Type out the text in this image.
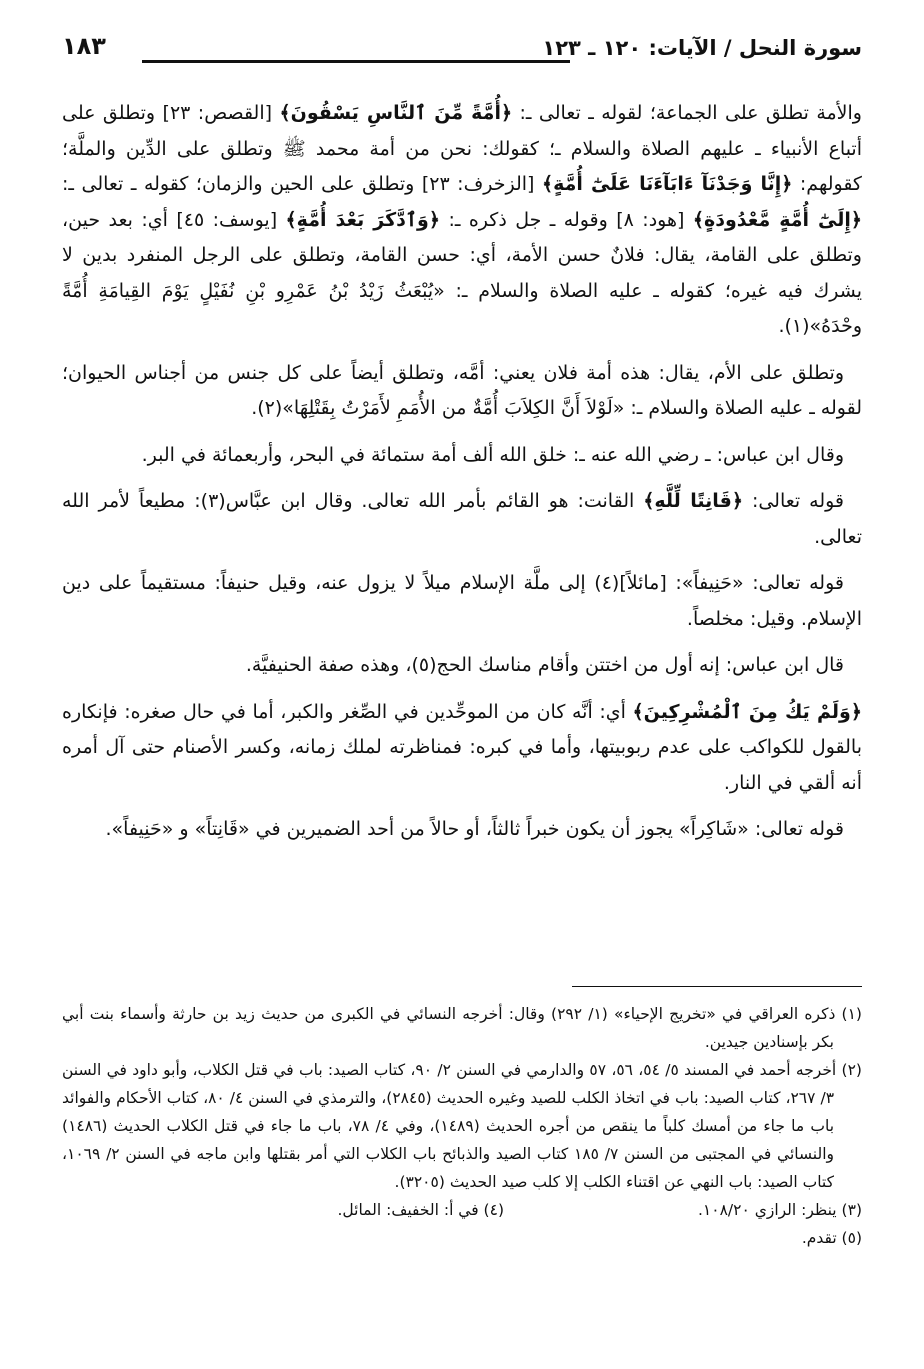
سورة النحل / الآيات: ١٢٠ ـ ١٢٣
١٨٣

والأمة تطلق على الجماعة؛ لقوله ـ تعالى ـ: ﴿أُمَّةً مِّنَ ٱلنَّاسِ يَسْقُونَ﴾ [القصص: ٢٣] وتطلق على أتباع الأنبياء ـ عليهم الصلاة والسلام ـ؛ كقولك: نحن من أمة محمد ﷺ وتطلق على الدِّين والملَّة؛ كقولهم: ﴿إِنَّا وَجَدْنَآ ءَابَآءَنَا عَلَىٰٓ أُمَّةٍ﴾ [الزخرف: ٢٣] وتطلق على الحين والزمان؛ كقوله ـ تعالى ـ: ﴿إِلَىٰٓ أُمَّةٍ مَّعْدُودَةٍ﴾ [هود: ٨] وقوله ـ جل ذكره ـ: ﴿وَٱدَّكَرَ بَعْدَ أُمَّةٍ﴾ [يوسف: ٤٥] أي: بعد حين، وتطلق على القامة، يقال: فلانٌ حسن الأمة، أي: حسن القامة، وتطلق على الرجل المنفرد بدين لا يشرك فيه غيره؛ كقوله ـ عليه الصلاة والسلام ـ: «يُبْعَثُ زَيْدُ بْنُ عَمْرِو بْنِ نُفَيْلٍ يَوْمَ القِيامَةِ أُمَّةً وحْدَهُ»(١).

وتطلق على الأم، يقال: هذه أمة فلان يعني: أمَّه، وتطلق أيضاً على كل جنس من أجناس الحيوان؛ لقوله ـ عليه الصلاة والسلام ـ: «لَوْلاَ أَنَّ الكِلاَبَ أُمَّةٌ من الأُمَمِ لأَمَرْتُ بِقَتْلِهَا»(٢).

وقال ابن عباس: ـ رضي الله عنه ـ: خلق الله ألف أمة ستمائة في البحر، وأربعمائة في البر.

قوله تعالى: ﴿قَانِتًا لِّلَّهِ﴾ القانت: هو القائم بأمر الله تعالى. وقال ابن عبَّاس(٣): مطيعاً لأمر الله تعالى.

قوله تعالى: «حَنِيفاً»: [مائلاً](٤) إلى ملَّة الإسلام ميلاً لا يزول عنه، وقيل حنيفاً: مستقيماً على دين الإسلام. وقيل: مخلصاً.

قال ابن عباس: إنه أول من اختتن وأقام مناسك الحج(٥)، وهذه صفة الحنيفيَّة.

﴿وَلَمْ يَكُ مِنَ ٱلْمُشْرِكِينَ﴾ أي: أنَّه كان من الموحِّدين في الصِّغر والكبر، أما في حال صغره: فإنكاره بالقول للكواكب على عدم ربوبيتها، وأما في كبره: فمناظرته لملك زمانه، وكسر الأصنام حتى آل أمره أنه ألقي في النار.

قوله تعالى: «شَاكِراً» يجوز أن يكون خبراً ثالثاً، أو حالاً من أحد الضميرين في «قَانِتاً» و «حَنِيفاً».

(١) ذكره العراقي في «تخريج الإحياء» (١/ ٢٩٢) وقال: أخرجه النسائي في الكبرى من حديث زيد بن حارثة وأسماء بنت أبي بكر بإسنادين جيدين.

(٢) أخرجه أحمد في المسند ٥/ ٥٤، ٥٦، ٥٧ والدارمي في السنن ٢/ ٩٠، كتاب الصيد: باب في قتل الكلاب، وأبو داود في السنن ٣/ ٢٦٧، كتاب الصيد: باب في اتخاذ الكلب للصيد وغيره الحديث (٢٨٤٥)، والترمذي في السنن ٤/ ٨٠، كتاب الأحكام والفوائد باب ما جاء من أمسك كلباً ما ينقص من أجره الحديث (١٤٨٩)، وفي ٤/ ٧٨، باب ما جاء في قتل الكلاب الحديث (١٤٨٦) والنسائي في المجتبى من السنن ٧/ ١٨٥ كتاب الصيد والذبائح باب الكلاب التي أمر بقتلها وابن ماجه في السنن ٢/ ١٠٦٩، كتاب الصيد: باب النهي عن اقتناء الكلب إلا كلب صيد الحديث (٣٢٠٥).

(٣) ينظر: الرازي ١٠٨/٢٠.
(٤) في أ: الخفيف: المائل.

(٥) تقدم.
